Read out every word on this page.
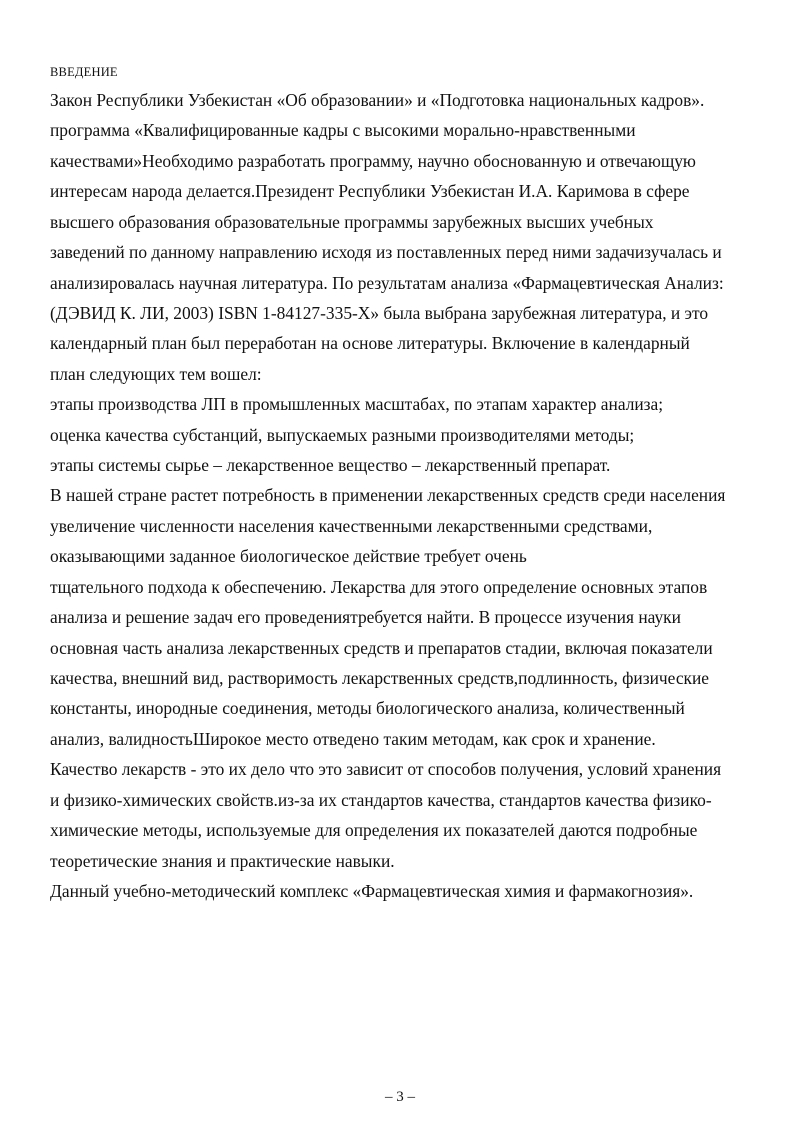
ВВЕДЕНИЕ
Закон Республики Узбекистан «Об образовании» и «Подготовка национальных кадров».
программа «Квалифицированные кадры с высокими морально-нравственными
качествами»Необходимо разработать программу, научно обоснованную и отвечающую
интересам народа делается.Президент Республики Узбекистан И.А. Каримова в сфере
высшего образования образовательные программы зарубежных высших учебных
заведений по данному направлению исходя из поставленных перед ними задачизучалась и
анализировалась научная литература. По результатам анализа «Фармацевтическая Анализ:
(ДЭВИД К. ЛИ, 2003) ISBN 1-84127-335-X» была выбрана зарубежная литература, и это
календарный план был переработан на основе литературы. Включение в календарный
план следующих тем вошел:
этапы производства ЛП в промышленных масштабах, по этапам характер анализа;
оценка качества субстанций, выпускаемых разными производителями методы;
этапы системы сырье – лекарственное вещество – лекарственный препарат.
В нашей стране растет потребность в применении лекарственных средств среди населения
увеличение численности населения качественными лекарственными средствами,
оказывающими заданное биологическое действие требует очень
тщательного подхода к обеспечению. Лекарства для этого определение основных этапов
анализа и решение задач его проведениятребуется найти. В процессе изучения науки
основная часть анализа лекарственных средств и препаратов стадии, включая показатели
качества, внешний вид, растворимость лекарственных средств,подлинность, физические
константы, инородные соединения, методы биологического анализа, количественный
анализ, валидностьШирокое место отведено таким методам, как срок и хранение.
Качество лекарств - это их дело что это зависит от способов получения, условий хранения
и физико-химических свойств.из-за их стандартов качества, стандартов качества физико-
химические методы, используемые для определения их показателей даются подробные
теоретические знания и практические навыки.
Данный учебно-методический комплекс «Фармацевтическая химия и фармакогнозия».
– 3 –
